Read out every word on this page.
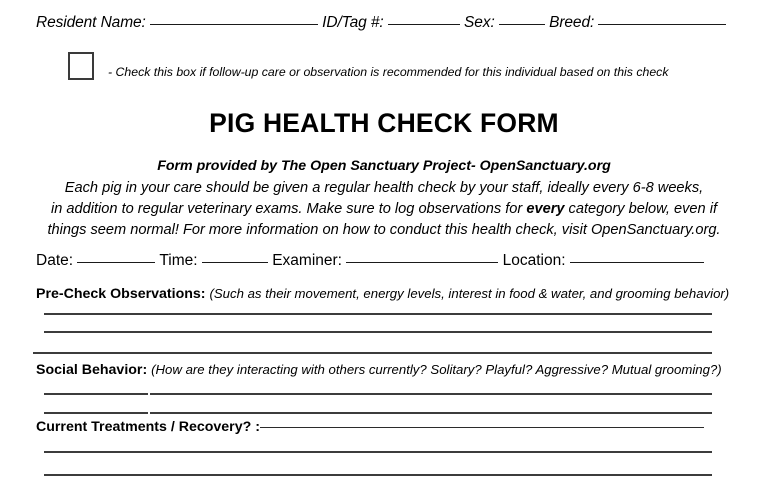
Resident Name:	ID/Tag #:	Sex:	Breed:
- Check this box if follow-up care or observation is recommended for this individual based on this check
PIG HEALTH CHECK FORM
Form provided by The Open Sanctuary Project- OpenSanctuary.org
Each pig in your care should be given a regular health check by your staff, ideally every 6-8 weeks,
in addition to regular veterinary exams. Make sure to log observations for every category below, even if
things seem normal! For more information on how to conduct this health check, visit OpenSanctuary.org.
Date:	Time:	Examiner:	Location:
Pre-Check Observations: (Such as their movement, energy levels, interest in food & water, and grooming behavior)
Social Behavior: (How are they interacting with others currently? Solitary? Playful? Aggressive? Mutual grooming?)
Current Treatments / Recovery? :
